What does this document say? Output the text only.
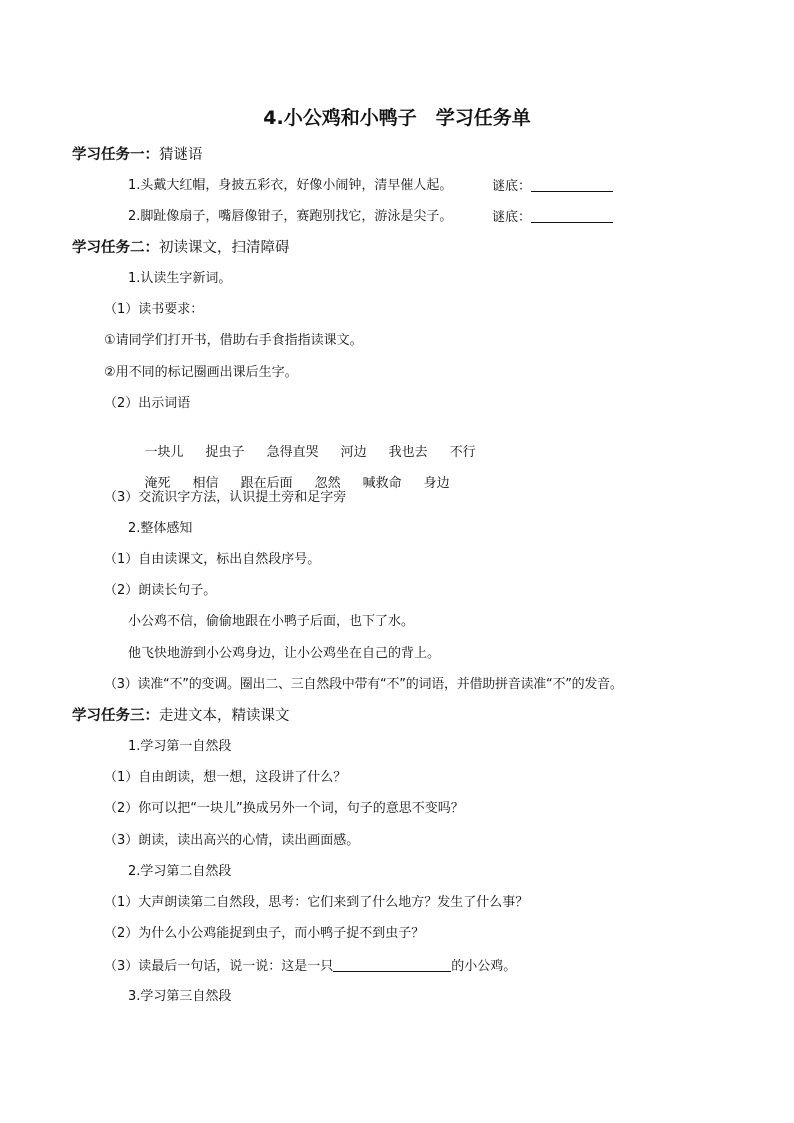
4.小公鸡和小鸭子　学习任务单
学习任务一：猜谜语
1.头戴大红帽，身披五彩衣，好像小闹钟，清早催人起。	谜底：
2.脚趾像扇子，嘴唇像钳子，赛跑别找它，游泳是尖子。	谜底：
学习任务二：初读课文，扫清障碍
1.认读生字新词。
（1）读书要求：
①请同学们打开书，借助右手食指指读课文。
②用不同的标记圈画出课后生字。
（2）出示词语

一块儿 捉虫子 急得直哭 河边 我也去 不行

淹死 相信 跟在后面 忽然 喊救命 身边

（3）交流识字方法，认识提土旁和足字旁
2.整体感知
（1）自由读课文，标出自然段序号。
（2）朗读长句子。
小公鸡不信，偷偷地跟在小鸭子后面，也下了水。
他飞快地游到小公鸡身边，让小公鸡坐在自己的背上。
（3）读准“不”的变调。圈出二、三自然段中带有“不”的词语，并借助拼音读准“不”的发音。
学习任务三：走进文本，精读课文
1.学习第一自然段
（1）自由朗读，想一想，这段讲了什么？
（2）你可以把“一块儿”换成另外一个词，句子的意思不变吗？
（3）朗读，读出高兴的心情，读出画面感。
2.学习第二自然段
（1）大声朗读第二自然段，思考：它们来到了什么地方？发生了什么事？
（2）为什么小公鸡能捉到虫子，而小鸭子捉不到虫子？
（3）读最后一句话，说一说：这是一只	的小公鸡。
3.学习第三自然段
